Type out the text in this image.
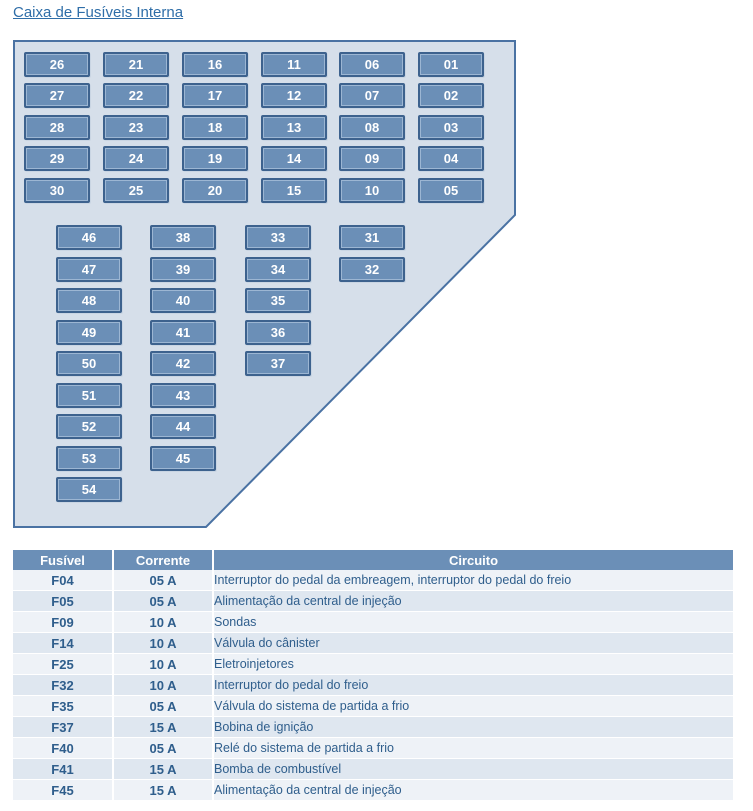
Caixa de Fusíveis Interna
26	21	16	11	06	01
27	22	17	12	07	02
28	23	18	13	08	03
29	24	19	14	09	04
30	25	20	15	10	05
46
47
48
49
50
51
52
53
54
38
39
40
41
42
43
44
45
33
34
35
36
37
31
32
Fusível	Corrente	Circuito
F04	05 A	Interruptor do pedal da embreagem, interruptor do pedal do freio
F05	05 A	Alimentação da central de injeção
F09	10 A	Sondas
F14	10 A	Válvula do cânister
F25	10 A	Eletroinjetores
F32	10 A	Interruptor do pedal do freio
F35	05 A	Válvula do sistema de partida a frio
F37	15 A	Bobina de ignição
F40	05 A	Relé do sistema de partida a frio
F41	15 A	Bomba de combustível
F45	15 A	Alimentação da central de injeção
